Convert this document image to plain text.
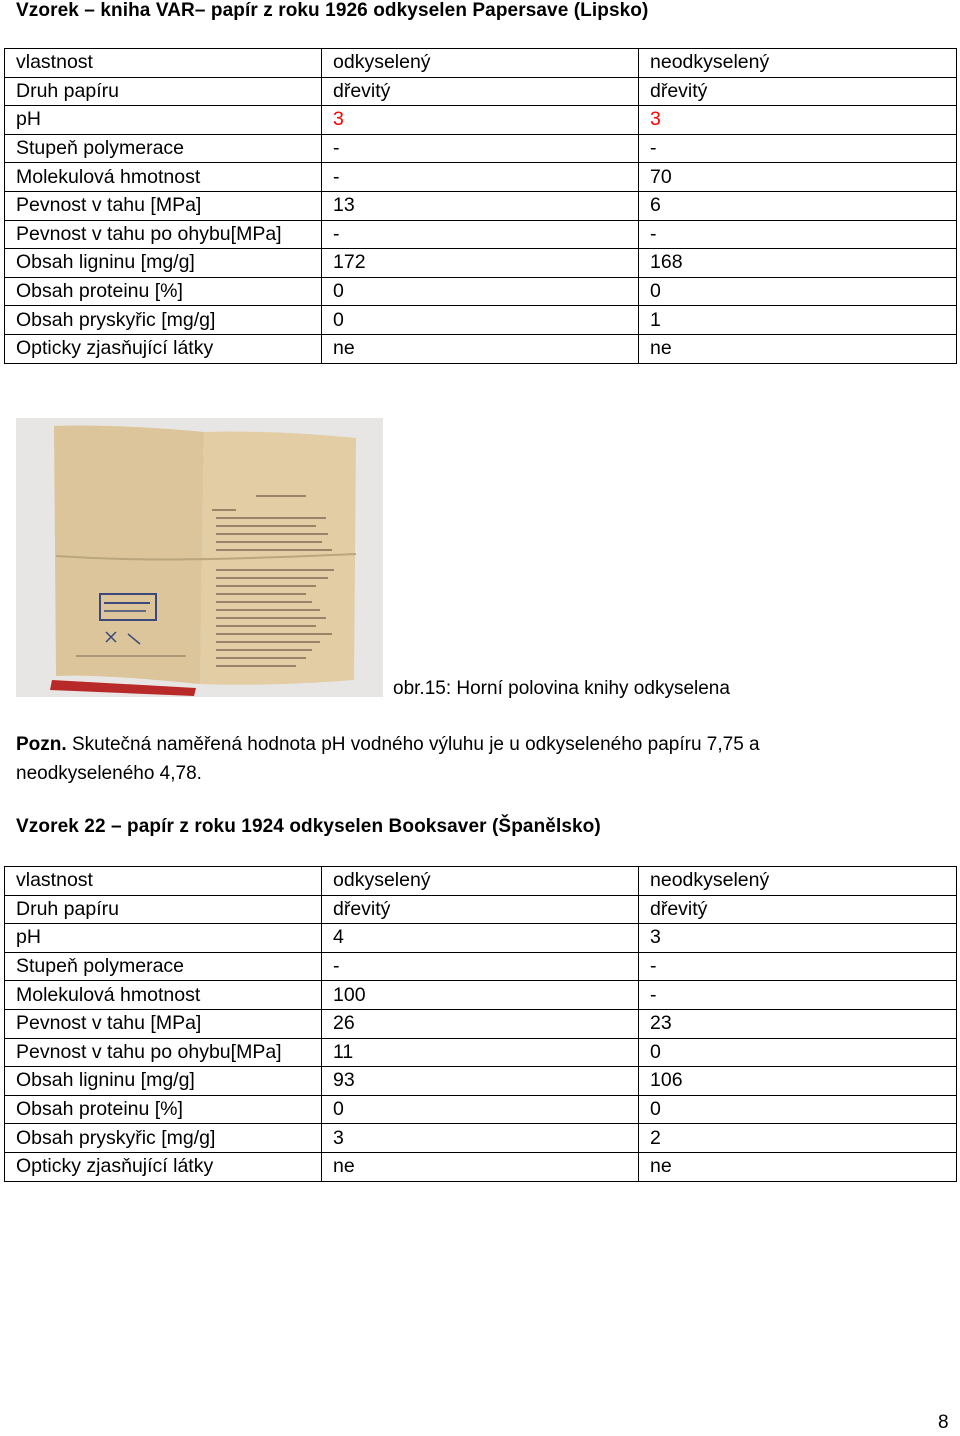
Vzorek – kniha VAR– papír z roku 1926 odkyselen Papersave (Lipsko)
vlastnost	odkyselený	neodkyselený
Druh papíru	dřevitý	dřevitý
pH	3	3
Stupeň polymerace	-	-
Molekulová hmotnost	-	70
Pevnost v tahu [MPa]	13	6
Pevnost v tahu po ohybu[MPa]	-	-
Obsah ligninu [mg/g]	172	168
Obsah proteinu [%]	0	0
Obsah pryskyřic [mg/g]	0	1
Opticky zjasňující látky	ne	ne
obr.15: Horní polovina knihy odkyselena
Pozn. Skutečná naměřená hodnota pH vodného výluhu je u odkyseleného papíru 7,75 a neodkyseleného 4,78.
Vzorek 22 – papír z roku 1924 odkyselen Booksaver (Španělsko)
vlastnost	odkyselený	neodkyselený
Druh papíru	dřevitý	dřevitý
pH	4	3
Stupeň polymerace	-	-
Molekulová hmotnost	100	-
Pevnost v tahu [MPa]	26	23
Pevnost v tahu po ohybu[MPa]	11	0
Obsah ligninu [mg/g]	93	106
Obsah proteinu [%]	0	0
Obsah pryskyřic [mg/g]	3	2
Opticky zjasňující látky	ne	ne
8
